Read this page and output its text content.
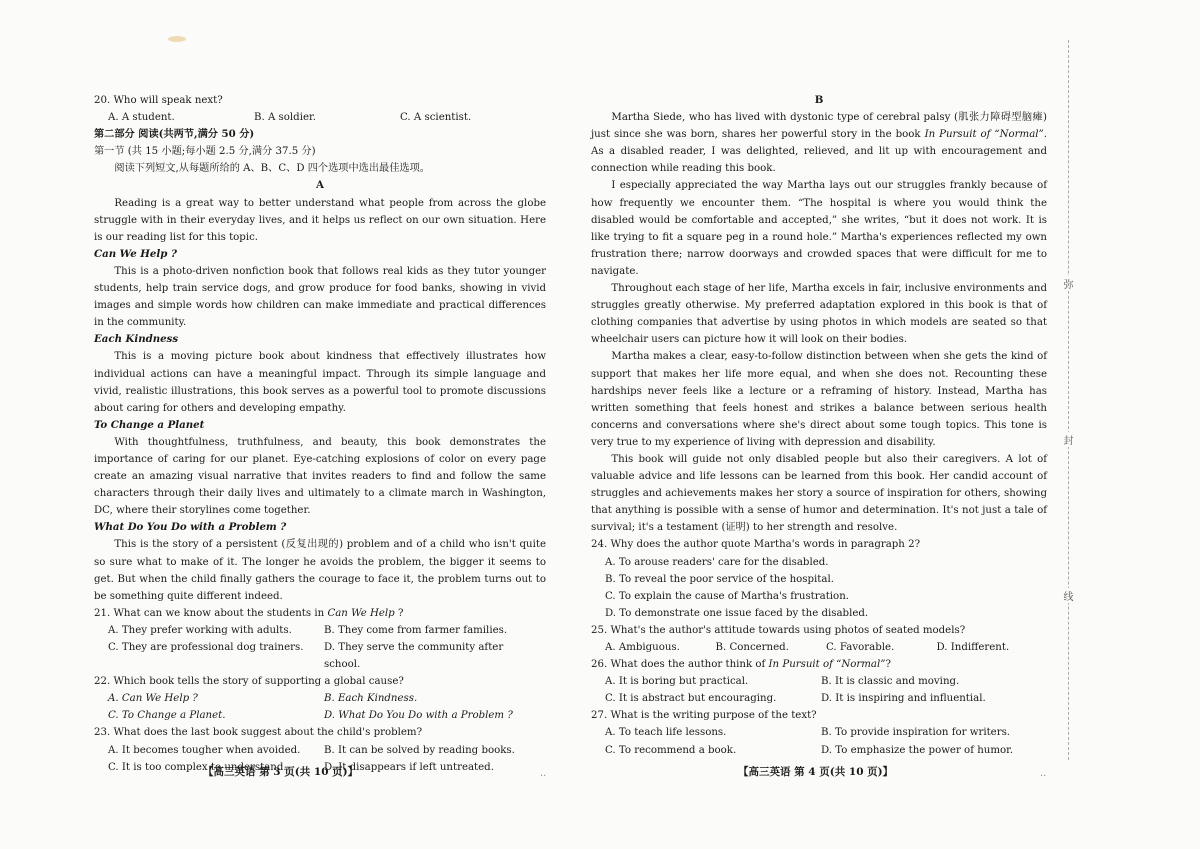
20. Who will speak next?

A. A student.	B. A soldier.	C. A scientist.

第二部分 阅读(共两节,满分 50 分)

第一节 (共 15 小题;每小题 2.5 分,满分 37.5 分)

阅读下列短文,从每题所给的 A、B、C、D 四个选项中选出最佳选项。

A

Reading is a great way to better understand what people from across the globe struggle with in their everyday lives, and it helps us reflect on our own situation. Here is our reading list for this topic.

Can We Help ?

This is a photo-driven nonfiction book that follows real kids as they tutor younger students, help train service dogs, and grow produce for food banks, showing in vivid images and simple words how children can make immediate and practical differences in the community.

Each Kindness

This is a moving picture book about kindness that effectively illustrates how individual actions can have a meaningful impact. Through its simple language and vivid, realistic illustrations, this book serves as a powerful tool to promote discussions about caring for others and developing empathy.

To Change a Planet

With thoughtfulness, truthfulness, and beauty, this book demonstrates the importance of caring for our planet. Eye-catching explosions of color on every page create an amazing visual narrative that invites readers to find and follow the same characters through their daily lives and ultimately to a climate march in Washington, DC, where their storylines come together.

What Do You Do with a Problem ?

This is the story of a persistent (反复出现的) problem and of a child who isn't quite so sure what to make of it. The longer he avoids the problem, the bigger it seems to get. But when the child finally gathers the courage to face it, the problem turns out to be something quite different indeed.

21. What can we know about the students in Can We Help ?

A. They prefer working with adults.	B. They come from farmer families.
C. They are professional dog trainers.	D. They serve the community after school.

22. Which book tells the story of supporting a global cause?

A. Can We Help ?	B. Each Kindness.
C. To Change a Planet.	D. What Do You Do with a Problem ?

23. What does the last book suggest about the child's problem?

A. It becomes tougher when avoided.	B. It can be solved by reading books.
C. It is too complex to understand.	D. It disappears if left untreated.
【高三英语 第 3 页(共 10 页)】	..

B

Martha Siede, who has lived with dystonic type of cerebral palsy (肌张力障碍型脑瘫) just since she was born, shares her powerful story in the book In Pursuit of “Normal”. As a disabled reader, I was delighted, relieved, and lit up with encouragement and connection while reading this book.

I especially appreciated the way Martha lays out our struggles frankly because of how frequently we encounter them. “The hospital is where you would think the disabled would be comfortable and accepted,” she writes, “but it does not work. It is like trying to fit a square peg in a round hole.” Martha's experiences reflected my own frustration there; narrow doorways and crowded spaces that were difficult for me to navigate.

Throughout each stage of her life, Martha excels in fair, inclusive environments and struggles greatly otherwise. My preferred adaptation explored in this book is that of clothing companies that advertise by using photos in which models are seated so that wheelchair users can picture how it will look on their bodies.

Martha makes a clear, easy-to-follow distinction between when she gets the kind of support that makes her life more equal, and when she does not. Recounting these hardships never feels like a lecture or a reframing of history. Instead, Martha has written something that feels honest and strikes a balance between serious health concerns and conversations where she's direct about some tough topics. This tone is very true to my experience of living with depression and disability.

This book will guide not only disabled people but also their caregivers. A lot of valuable advice and life lessons can be learned from this book. Her candid account of struggles and achievements makes her story a source of inspiration for others, showing that anything is possible with a sense of humor and determination. It's not just a tale of survival; it's a testament (证明) to her strength and resolve.

24. Why does the author quote Martha's words in paragraph 2?

A. To arouse readers' care for the disabled.

B. To reveal the poor service of the hospital.

C. To explain the cause of Martha's frustration.

D. To demonstrate one issue faced by the disabled.

25. What's the author's attitude towards using photos of seated models?

A. Ambiguous.	B. Concerned.	C. Favorable.	D. Indifferent.

26. What does the author think of In Pursuit of “Normal”?

A. It is boring but practical.	B. It is classic and moving.
C. It is abstract but encouraging.	D. It is inspiring and influential.

27. What is the writing purpose of the text?

A. To teach life lessons.	B. To provide inspiration for writers.
C. To recommend a book.	D. To emphasize the power of humor.
【高三英语 第 4 页(共 10 页)】	..
弥
封
线
